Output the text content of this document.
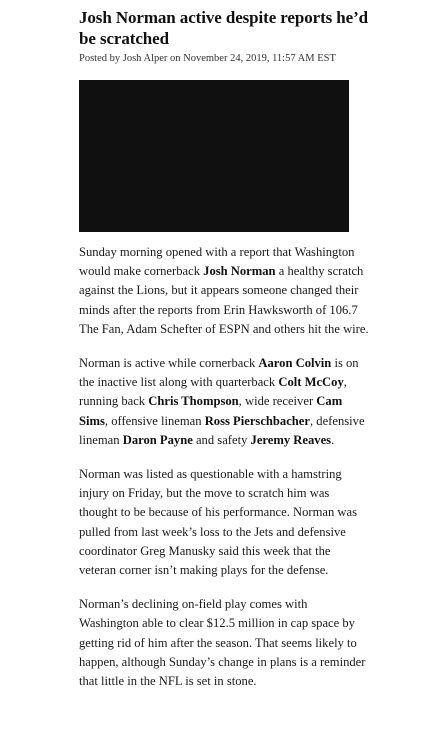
Josh Norman active despite reports he’d be scratched
Posted by Josh Alper on November 24, 2019, 11:57 AM EST

Sunday morning opened with a report that Washington would make cornerback Josh Norman a healthy scratch against the Lions, but it appears someone changed their minds after the reports from Erin Hawksworth of 106.7 The Fan, Adam Schefter of ESPN and others hit the wire.

Norman is active while cornerback Aaron Colvin is on the inactive list along with quarterback Colt McCoy, running back Chris Thompson, wide receiver Cam Sims, offensive lineman Ross Pierschbacher, defensive lineman Daron Payne and safety Jeremy Reaves.

Norman was listed as questionable with a hamstring injury on Friday, but the move to scratch him was thought to be because of his performance. Norman was pulled from last week’s loss to the Jets and defensive coordinator Greg Manusky said this week that the veteran corner isn’t making plays for the defense.

Norman’s declining on-field play comes with Washington able to clear $12.5 million in cap space by getting rid of him after the season. That seems likely to happen, although Sunday’s change in plans is a reminder that little in the NFL is set in stone.
